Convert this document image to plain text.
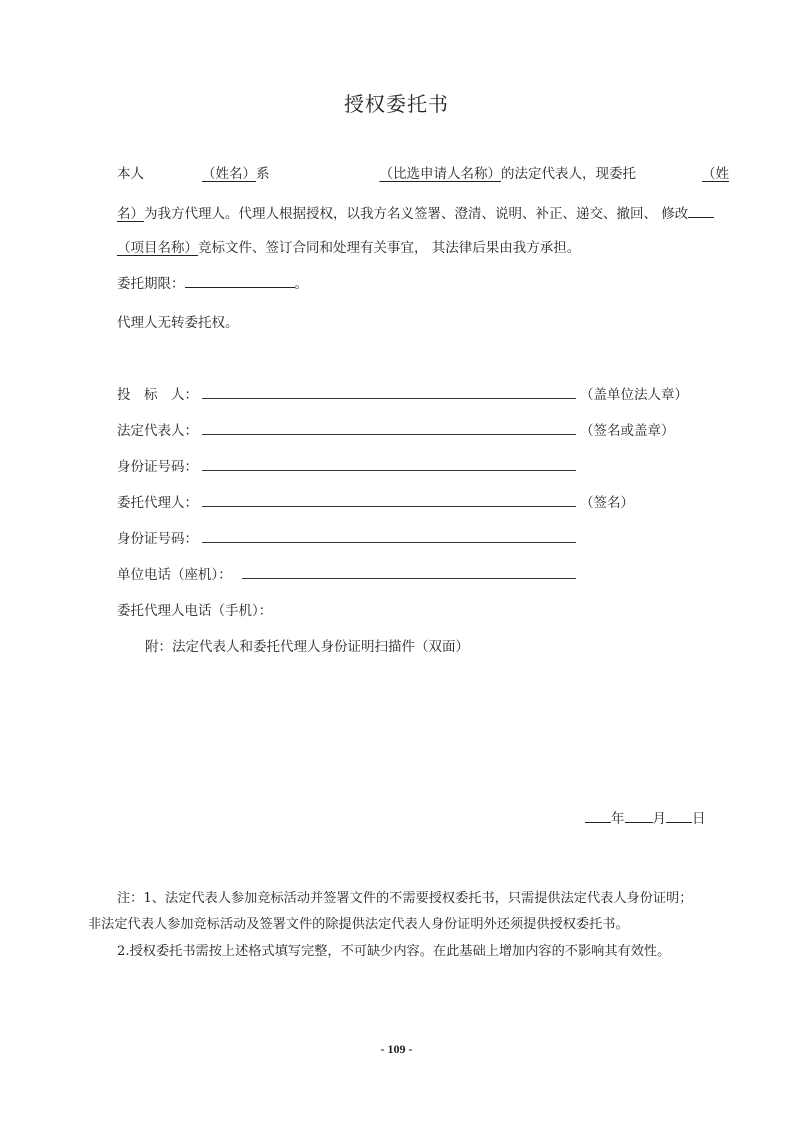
授权委托书
本人	（姓名）系	（比选申请人名称）的法定代表人，现委托	（姓
名）为我方代理人。代理人根据授权，以我方名义签署、澄清、说明、补正、递交、撤回、 修改
（项目名称）竞标文件、签订合同和处理有关事宜， 其法律后果由我方承担。
委托期限：	。
代理人无转委托权。
投　标　人：	（盖单位法人章）
法定代表人：	（签名或盖章）
身份证号码：
委托代理人：	（签名）
身份证号码：
单位电话（座机）：
委托代理人电话（手机）：
附：法定代表人和委托代理人身份证明扫描件（双面）
年 月 日
注：1、法定代表人参加竞标活动并签署文件的不需要授权委托书，只需提供法定代表人身份证明；
非法定代表人参加竞标活动及签署文件的除提供法定代表人身份证明外还须提供授权委托书。
2.授权委托书需按上述格式填写完整，不可缺少内容。在此基础上增加内容的不影响其有效性。
- 109 -
